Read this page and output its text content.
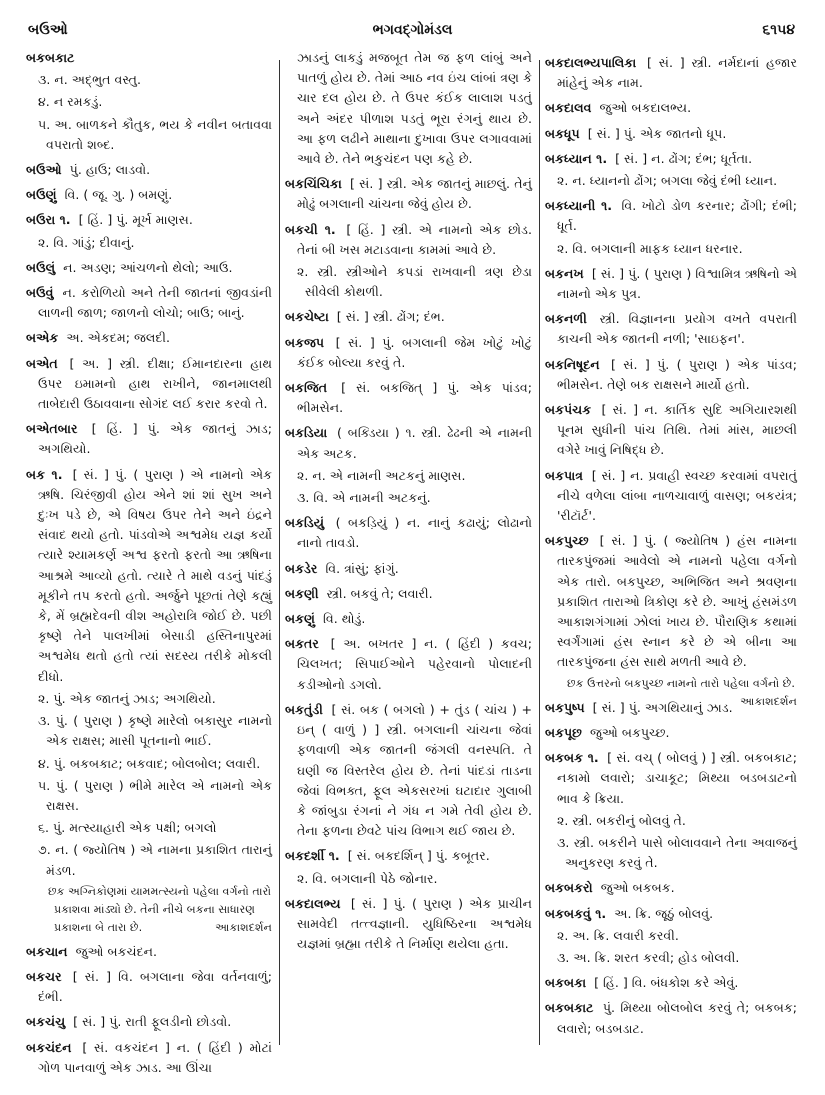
બઉઓ	ભગવદ્ગોમંડલ	૬૧૫૪
બકબકાટ
૩. ન. અદ્ભુત વસ્તુ.
૪. ન રમકડું.
૫. અ. બાળકને કૌતુક, ભય કે નવીન બતાવવા વપરાતો શબ્દ.
બઉઓ પું. હાઉ; લાડવો.
બઉણું વિ. ( જૂ. ગુ. ) બમણું.
બઉરા ૧. [ હિં. ] પું. મૂર્ખ માણસ.
૨. વિ. ગાંડું; દીવાનું.
બઉલું ન. અડણ; આંચળનો થેલો; આઉ.
બઉવું ન. કરોળિયો અને તેની જાતનાં જીવડાંની લાળની જાળ; જાળનો લોચો; બાઉ; બાનું.
બએક અ. એકદમ; જલદી.
બએત [ અ. ] સ્ત્રી. દીક્ષા; ઈમાનદારના હાથ ઉપર ઇમામનો હાથ રાખીને, જાનમાલથી તાબેદારી ઉઠાવવાના સોગંદ લઈ કરાર કરવો તે.
બએતબાર [ હિં. ] પું. એક જાતનું ઝાડ; અગથિયો.
બક ૧. [ સં. ] પું. ( પુરાણ ) એ નામનો એક ઋષિ. ચિરંજીવી હોય એને શાં શાં સુખ અને દુઃખ પડે છે, એ વિષય ઉપર તેને અને ઇંદ્રને સંવાદ થયો હતો. પાંડવોએ અશ્વમેધ યજ્ઞ કર્યો ત્યારે શ્યામકર્ણ અશ્વ ફરતો ફરતો આ ઋષિના આશ્રમે આવ્યો હતો. ત્યારે તે માથે વડનું પાંદડું મૂકીને તપ કરતો હતો. અર્જુને પૂછતાં તેણે કહ્યું કે, મેં બ્રહ્મદેવની વીશ અહોરાત્રિ જોઈ છે. પછી કૃષ્ણે તેને પાલખીમાં બેસાડી હસ્તિનાપુરમાં અશ્વમેધ થતો હતો ત્યાં સદસ્ય તરીકે મોકલી દીધો.
૨. પું. એક જાતનું ઝાડ; અગથિયો.
૩. પું. ( પુરાણ ) કૃષ્ણે મારેલો બકાસુર નામનો એક રાક્ષસ; માસી પૂતનાનો ભાઈ.
૪. પું. બકબકાટ; બકવાદ; બોલબોલ; લવારી.
૫. પું. ( પુરાણ ) ભીમે મારેલ એ નામનો એક રાક્ષસ.
૬. પું. મત્સ્યાહારી એક પક્ષી; બગલો
૭. ન. ( જ્યોતિષ ) એ નામના પ્રકાશિત તારાનું મંડળ.
છક અગ્નિકોણમાં યામમત્સ્યનો પહેલા વર્ગનો તારો પ્રકાશવા માંડ્યો છે. તેની નીચે બકના સાધારણ પ્રકાશના બે તારા છે.	આકાશદર્શન
બકચાન જુઓ બકચંદન.
બકચર [ સં. ] વિ. બગલાના જેવા વર્તનવાળું; દંભી.
બકચંચુ [ સં. ] પું. રાતી ફૂલડીનો છોડવો.
બકચંદન [ સં. વકચંદન ] ન. ( હિંદી ) મોટાં ગોળ પાનવાળું એક ઝાડ. આ ઊંચા
ઝાડનું લાકડું મજબૂત તેમ જ ફળ લાંબું અને પાતળું હોય છે. તેમાં આઠ નવ ઇંચ લાંબાં ત્રણ કે ચાર દલ હોય છે. તે ઉપર કંઈક લાલાશ પડતું અને અંદર પીળાશ પડતું ભૂરા રંગનું થાય છે. આ ફળ લઢીને માથાના દુખાવા ઉપર લગાવવામાં આવે છે. તેને ભકુચંદન પણ કહે છે.
બકચિંચિકા [ સં. ] સ્ત્રી. એક જાતનું માછલું. તેનું મોઢું બગલાની ચાંચના જેવું હોય છે.
બકચી ૧. [ હિં. ] સ્ત્રી. એ નામનો એક છોડ. તેનાં બી ખસ મટાડવાના કામમાં આવે છે.
૨. સ્ત્રી. સ્ત્રીઓને કપડાં રાખવાની ત્રણ છેડા સીવેલી કોથળી.
બકચેષ્ટા [ સં. ] સ્ત્રી. ઢોંગ; દંભ.
બકજપ [ સં. ] પું. બગલાની જેમ ખોટું ખોટું કંઈક બોલ્યા કરવું તે.
બકજિત [ સં. બકજિત્ ] પું. એક પાંડવ; ભીમસેન.
બકડિયા ( બક્ડિયા ) ૧. સ્ત્રી. ઢેઢની એ નામની એક અટક.
૨. ન. એ નામની અટકનું માણસ.
૩. વિ. એ નામની અટકનું.
બકડિયું ( બકડ઼િયું ) ન. નાનું કઢાયું; લોઢાનો નાનો તાવડો.
બકડેર વિ. ત્રાંસું; ફાંગું.
બકણી સ્ત્રી. બકવું તે; લવારી.
બકણું વિ. થોડું.
બકતર [ અ. બખતર ] ન. ( હિંદી ) કવચ; ચિલખત; સિપાઈઓને પહેરવાનો પોલાદની કડીઓનો ડગલો.
બકતુંડી [ સં. બક ( બગલો ) + તુંડ ( ચાંચ ) + ઇન્ ( વાળું ) ] સ્ત્રી. બગલાની ચાંચના જેવાં ફળવાળી એક જાતની જંગલી વનસ્પતિ. તે ઘણી જ વિસ્તરેલ હોય છે. તેનાં પાંદડાં તાડના જેવાં વિભક્ત, ફૂલ એકસરખાં ઘટાદાર ગુલાબી કે જાંબુડા રંગનાં ને ગંધ ન ગમે તેવી હોય છે. તેના ફળના છેવટે પાંચ વિભાગ થઈ જાય છે.
બકદર્શી ૧. [ સં. બકદર્શિન્ ] પું. કબૂતર.
૨. વિ. બગલાની પેઠે જોનાર.
બકદાલભ્ય [ સં. ] પું. ( પુરાણ ) એક પ્રાચીન સામવેદી તત્ત્વજ્ઞાની. યુધિષ્ઠિરના અશ્વમેધ યજ્ઞમાં બ્રહ્મા તરીકે તે નિર્માણ થયેલા હતા.
બકદાલભ્યપાલિકા [ સં. ] સ્ત્રી. નર્મદાનાં હજાર માંહેનું એક નામ.
બકદાલવ જુઓ બકદાલભ્ય.
બકધૂપ [ સં. ] પું. એક જાતનો ધૂપ.
બકધ્યાન ૧. [ સં. ] ન. ઢોંગ; દંભ; ધૂર્તતા.
૨. ન. ધ્યાનનો ઢોંગ; બગલા જેવું દંભી ધ્યાન.
બકધ્યાની ૧. વિ. ખોટો ડોળ કરનાર; ઢોંગી; દંભી; ધૂર્ત.
૨. વિ. બગલાની માફક ધ્યાન ધરનાર.
બકનખ [ સં. ] પું. ( પુરાણ ) વિશ્વામિત્ર ઋષિનો એ નામનો એક પુત્ર.
બકનળી સ્ત્રી. વિજ્ઞાનના પ્રયોગ વખતે વપરાતી કાચની એક જાતની નળી; 'સાઇફન'.
બકનિષૂદન [ સં. ] પું. ( પુરાણ ) એક પાંડવ; ભીમસેન. તેણે બક રાક્ષસને માર્યો હતો.
બકપંચક [ સં. ] ન. કાર્તિક સુદિ અગિયારશથી પૂનમ સુધીની પાંચ તિથિ. તેમાં માંસ, માછલી વગેરે ખાવું નિષિદ્ધ છે.
બકપાત્ર [ સં. ] ન. પ્રવાહી સ્વચ્છ કરવામાં વપરાતું નીચે વળેલા લાંબા નાળચાવાળું વાસણ; બકયંત્ર; 'રીટૉર્ટ'.
બકપુચ્છ [ સં. ] પું. ( જ્યોતિષ ) હંસ નામના તારકપુંજમાં આવેલો એ નામનો પહેલા વર્ગનો એક તારો. બકપુચ્છ, અભિજિત અને શ્રવણના પ્રકાશિત તારાઓ ત્રિકોણ કરે છે. આખું હંસમંડળ આકાશગંગામાં ઝોલાં ખાય છે. પૌરાણિક કથામાં સ્વર્ગંગામાં હંસ સ્નાન કરે છે એ બીના આ તારકપુંજના હંસ સાથે મળતી આવે છે.
છક ઉત્તરનો બકપુચ્છ નામનો તારો પહેલા વર્ગનો છે.
આકાશદર્શન
બકપુષ્પ [ સં. ] પું. અગથિયાનું ઝાડ.
બકપૂછ જુઓ બકપુચ્છ.
બકબક ૧. [ સં. વચ્ ( બોલવું ) ] સ્ત્રી. બકબકાટ; નકામો લવારો; ડાચાકૂટ; મિથ્યા બડબડાટનો ભાવ કે ક્રિયા.
૨. સ્ત્રી. બકરીનું બોલવું તે.
૩. સ્ત્રી. બકરીને પાસે બોલાવવાને તેના અવાજનું અનુકરણ કરવું તે.
બકબકરો જુઓ બકબક.
બકબકવું ૧. અ. ક્રિ. જૂઠું બોલવું.
૨. અ. ક્રિ. લવારી કરવી.
૩. અ. ક્રિ. શરત કરવી; હોડ બોલવી.
બકબકા [ હિં. ] વિ. બંધકોશ કરે એવું.
બકબકાટ પું. મિથ્યા બોલબોલ કરવું તે; બકબક; લવારો; બડબડાટ.
